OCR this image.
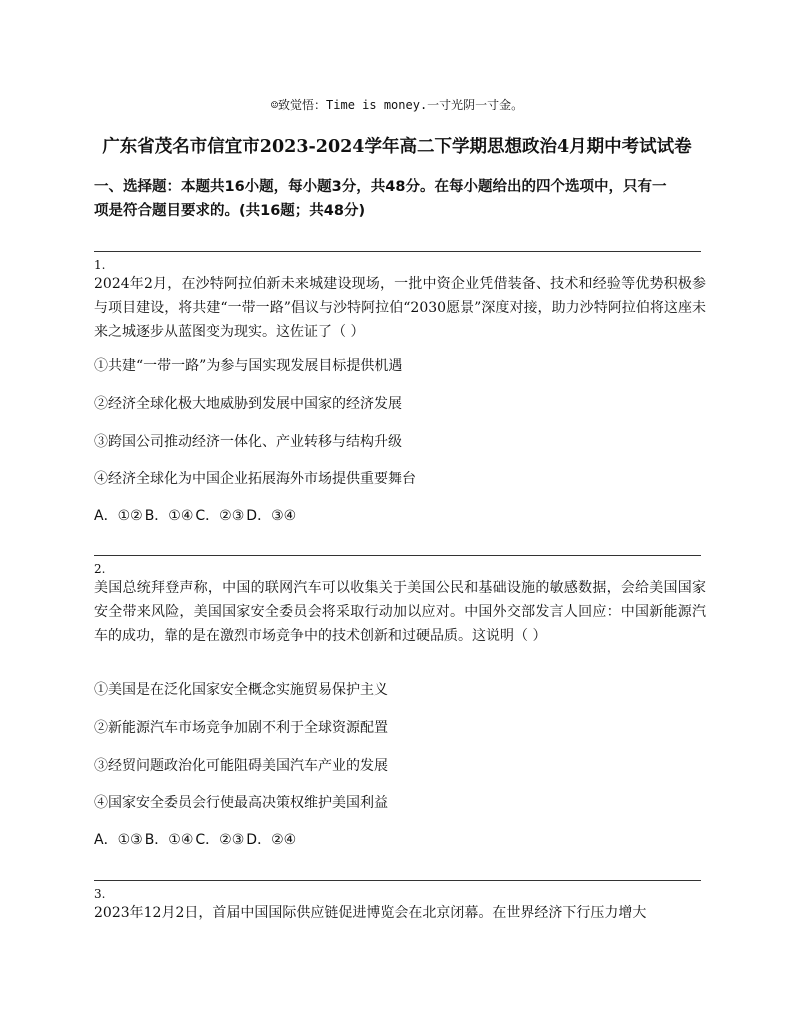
☺致觉悟：Time is money.一寸光阴一寸金。
广东省茂名市信宜市2023-2024学年高二下学期思想政治4月期中考试试卷
一、选择题：本题共16小题，每小题3分，共48分。在每小题给出的四个选项中，只有一
项是符合题目要求的。(共16题；共48分)
1.

2024年2月，在沙特阿拉伯新未来城建设现场，一批中资企业凭借装备、技术和经验等优势积极参与项目建设，将共建“一带一路”倡议与沙特阿拉伯“2030愿景”深度对接，助力沙特阿拉伯将这座未来之城逐步从蓝图变为现实。这佐证了（ ）

①共建“一带一路”为参与国实现发展目标提供机遇

②经济全球化极大地威胁到发展中国家的经济发展

③跨国公司推动经济一体化、产业转移与结构升级

④经济全球化为中国企业拓展海外市场提供重要舞台

A．①② B．①④ C．②③ D．③④
2.

美国总统拜登声称，中国的联网汽车可以收集关于美国公民和基础设施的敏感数据，会给美国国家安全带来风险，美国国家安全委员会将采取行动加以应对。中国外交部发言人回应：中国新能源汽车的成功，靠的是在激烈市场竞争中的技术创新和过硬品质。这说明（ ）

①美国是在泛化国家安全概念实施贸易保护主义

②新能源汽车市场竞争加剧不利于全球资源配置

③经贸问题政治化可能阻碍美国汽车产业的发展

④国家安全委员会行使最高决策权维护美国利益

A．①③ B．①④ C．②③ D．②④
3.

2023年12月2日，首届中国国际供应链促进博览会在北京闭幕。在世界经济下行压力增大
